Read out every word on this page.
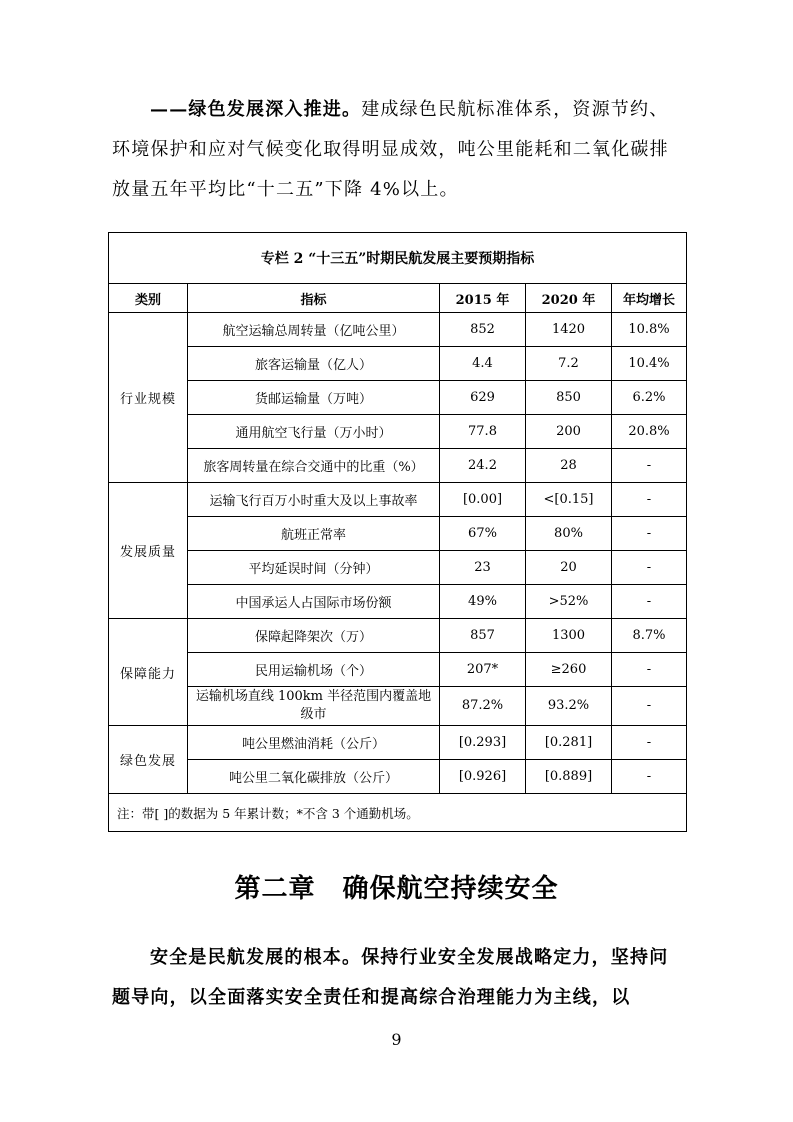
——绿色发展深入推进。建成绿色民航标准体系，资源节约、环境保护和应对气候变化取得明显成效，吨公里能耗和二氧化碳排放量五年平均比“十二五”下降 4%以上。

专栏 2 “十三五”时期民航发展主要预期指标				
类别	指标	2015 年	2020 年	年均增长
行业规模	航空运输总周转量（亿吨公里）	852	1420	10.8%
	旅客运输量（亿人）	4.4	7.2	10.4%
	货邮运输量（万吨）	629	850	6.2%
	通用航空飞行量（万小时）	77.8	200	20.8%
	旅客周转量在综合交通中的比重（%）	24.2	28	-
发展质量	运输飞行百万小时重大及以上事故率	[0.00]	<[0.15]	-
	航班正常率	67%	80%	-
	平均延误时间（分钟）	23	20	-
	中国承运人占国际市场份额	49%	>52%	-
保障能力	保障起降架次（万）	857	1300	8.7%
	民用运输机场（个）	207*	≥260	-
	运输机场直线 100km 半径范围内覆盖地级市	87.2%	93.2%	-
绿色发展	吨公里燃油消耗（公斤）	[0.293]	[0.281]	-
	吨公里二氧化碳排放（公斤）	[0.926]	[0.889]	-
注：带[ ]的数据为 5 年累计数；*不含 3 个通勤机场。				
第二章　确保航空持续安全

安全是民航发展的根本。保持行业安全发展战略定力，坚持问题导向，以全面落实安全责任和提高综合治理能力为主线，以

9
